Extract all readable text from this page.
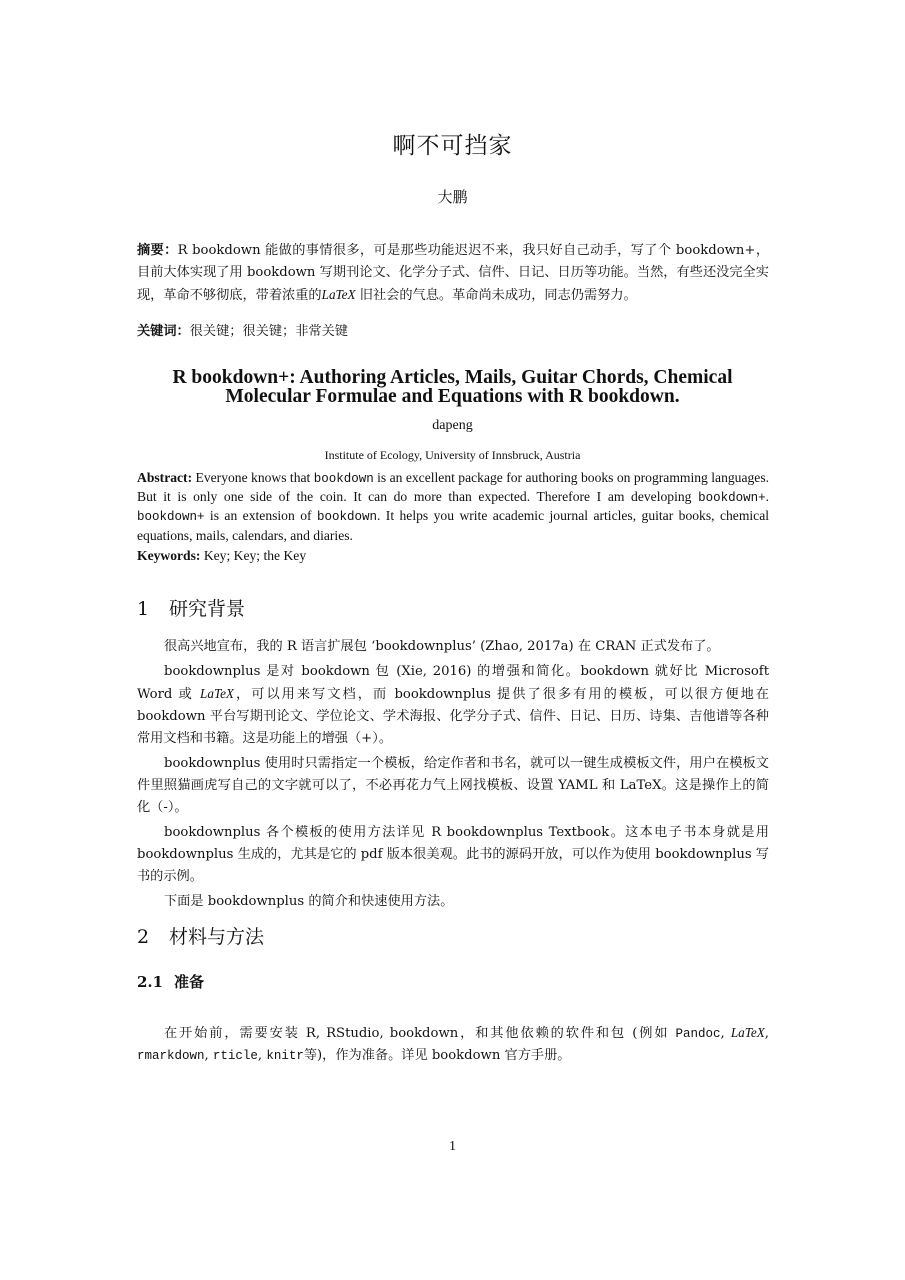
啊不可挡家
大鹏
摘要：R bookdown 能做的事情很多，可是那些功能迟迟不来，我只好自己动手，写了个 bookdown+，目前大体实现了用 bookdown 写期刊论文、化学分子式、信件、日记、日历等功能。当然，有些还没完全实现，革命不够彻底，带着浓重的LaTeX 旧社会的气息。革命尚未成功，同志仍需努力。
关键词：很关键；很关键；非常关键
R bookdown+: Authoring Articles, Mails, Guitar Chords, Chemical
Molecular Formulae and Equations with R bookdown.
dapeng
Institute of Ecology, University of Innsbruck, Austria
Abstract: Everyone knows that bookdown is an excellent package for authoring books on programming languages. But it is only one side of the coin. It can do more than expected. Therefore I am developing bookdown+. bookdown+ is an extension of bookdown. It helps you write academic journal articles, guitar books, chemical equations, mails, calendars, and diaries.
Keywords: Key; Key; the Key
1 研究背景

很高兴地宣布，我的 R 语言扩展包 ‘bookdownplus’ (Zhao, 2017a) 在 CRAN 正式发布了。

bookdownplus 是对 bookdown 包 (Xie, 2016) 的增强和简化。bookdown 就好比 Microsoft Word 或 LaTeX，可以用来写文档，而 bookdownplus 提供了很多有用的模板，可以很方便地在 bookdown 平台写期刊论文、学位论文、学术海报、化学分子式、信件、日记、日历、诗集、吉他谱等各种常用文档和书籍。这是功能上的增强（+）。

bookdownplus 使用时只需指定一个模板，给定作者和书名，就可以一键生成模板文件，用户在模板文件里照猫画虎写自己的文字就可以了，不必再花力气上网找模板、设置 YAML 和 LaTeX。这是操作上的简化（-）。

bookdownplus 各个模板的使用方法详见 R bookdownplus Textbook。这本电子书本身就是用 bookdownplus 生成的，尤其是它的 pdf 版本很美观。此书的源码开放，可以作为使用 bookdownplus 写书的示例。

下面是 bookdownplus 的简介和快速使用方法。

2 材料与方法
2.1 准备

在开始前，需要安装 R, RStudio, bookdown，和其他依赖的软件和包 (例如 Pandoc, LaTeX, rmarkdown, rticle, knitr等)，作为准备。详见 bookdown 官方手册。

1
